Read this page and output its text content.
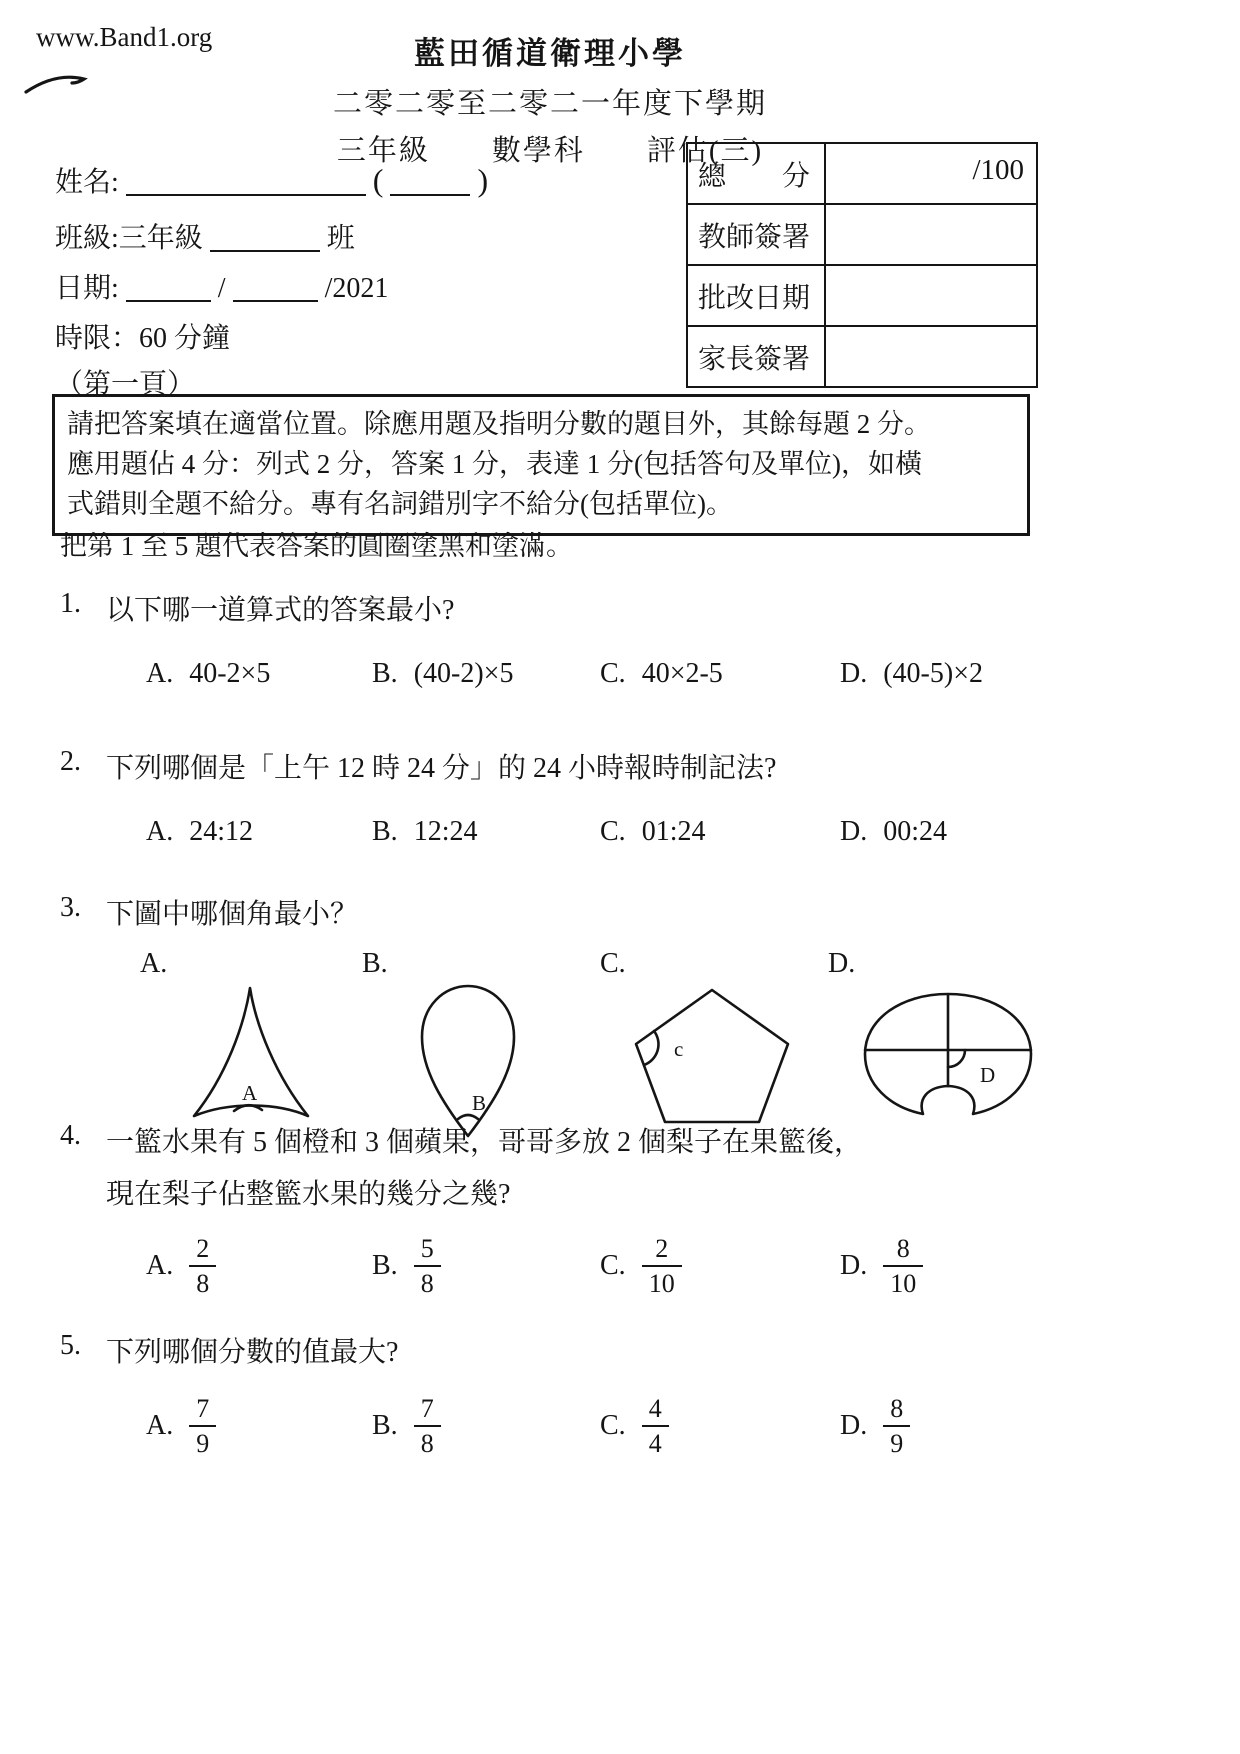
www.Band1.org	藍田循道衛理小學
二零二零至二零二一年度下學期
三年級　　數學科　　評估(三)
姓名:	(	)
班級:三年級	班
日期:	/	/2021
時限：60 分鐘
（第一頁）
總　　分	/100
教師簽署
批改日期
家長簽署
請把答案填在適當位置。除應用題及指明分數的題目外，其餘每題 2 分。
應用題佔 4 分：列式 2 分，答案 1 分，表達 1 分(包括答句及單位)，如橫
式錯則全題不給分。專有名詞錯別字不給分(包括單位)。
把第 1 至 5 題代表答案的圓圈塗黑和塗滿。
1. 以下哪一道算式的答案最小?
A. 40-2×5	B. (40-2)×5	C. 40×2-5	D. (40-5)×2
2. 下列哪個是「上午 12 時 24 分」的 24 小時報時制記法?
A. 24:12	B. 12:24	C. 01:24	D. 00:24
3. 下圖中哪個角最小？
A.
A
B.
B
C.
c
D.
D
4. 一籃水果有 5 個橙和 3 個蘋果，哥哥多放 2 個梨子在果籃後，
現在梨子佔整籃水果的幾分之幾?
A. $\frac{2}{8}$	B. $\frac{5}{8}$	C. $\frac{2}{10}$	D. $\frac{8}{10}$
5. 下列哪個分數的值最大?
A. $\frac{7}{9}$	B. $\frac{7}{8}$	C. $\frac{4}{4}$	D. $\frac{8}{9}$
